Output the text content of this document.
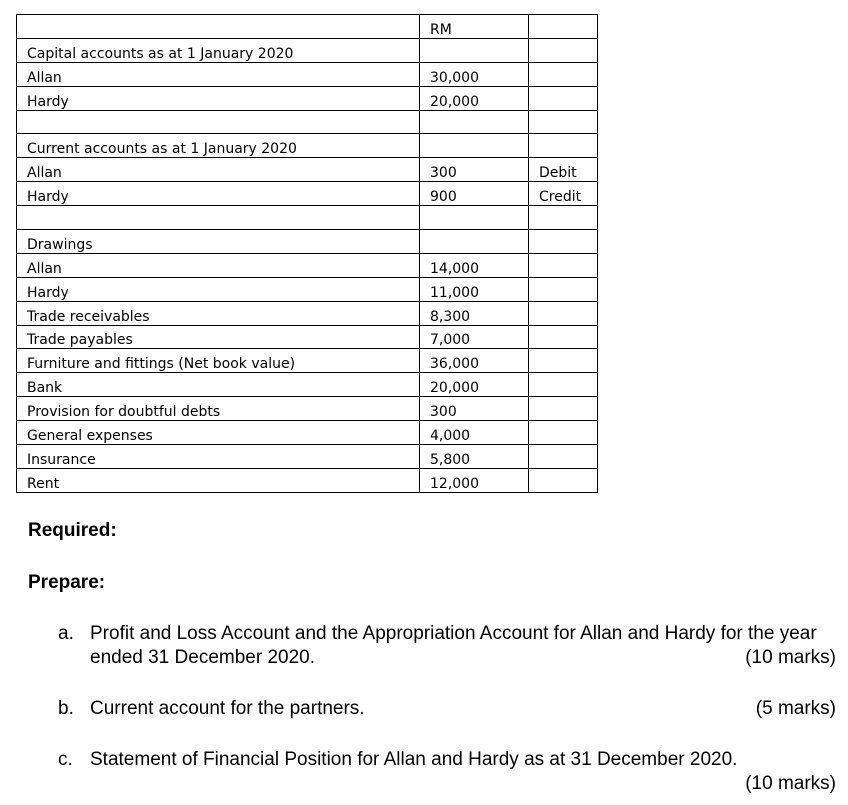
	RM	
Capital accounts as at 1 January 2020		
Allan	30,000	
Hardy	20,000	

Current accounts as at 1 January 2020		
Allan	300	Debit
Hardy	900	Credit

Drawings		
Allan	14,000	
Hardy	11,000	
Trade receivables	8,300	
Trade payables	7,000	
Furniture and fittings (Net book value)	36,000	
Bank	20,000	
Provision for doubtful debts	300	
General expenses	4,000	
Insurance	5,800	
Rent	12,000	
Required:
Prepare:
a. Profit and Loss Account and the Appropriation Account for Allan and Hardy for the year ended 31 December 2020.	(10 marks)
b. Current account for the partners.	(5 marks)
c. Statement of Financial Position for Allan and Hardy as at 31 December 2020.
(10 marks)
